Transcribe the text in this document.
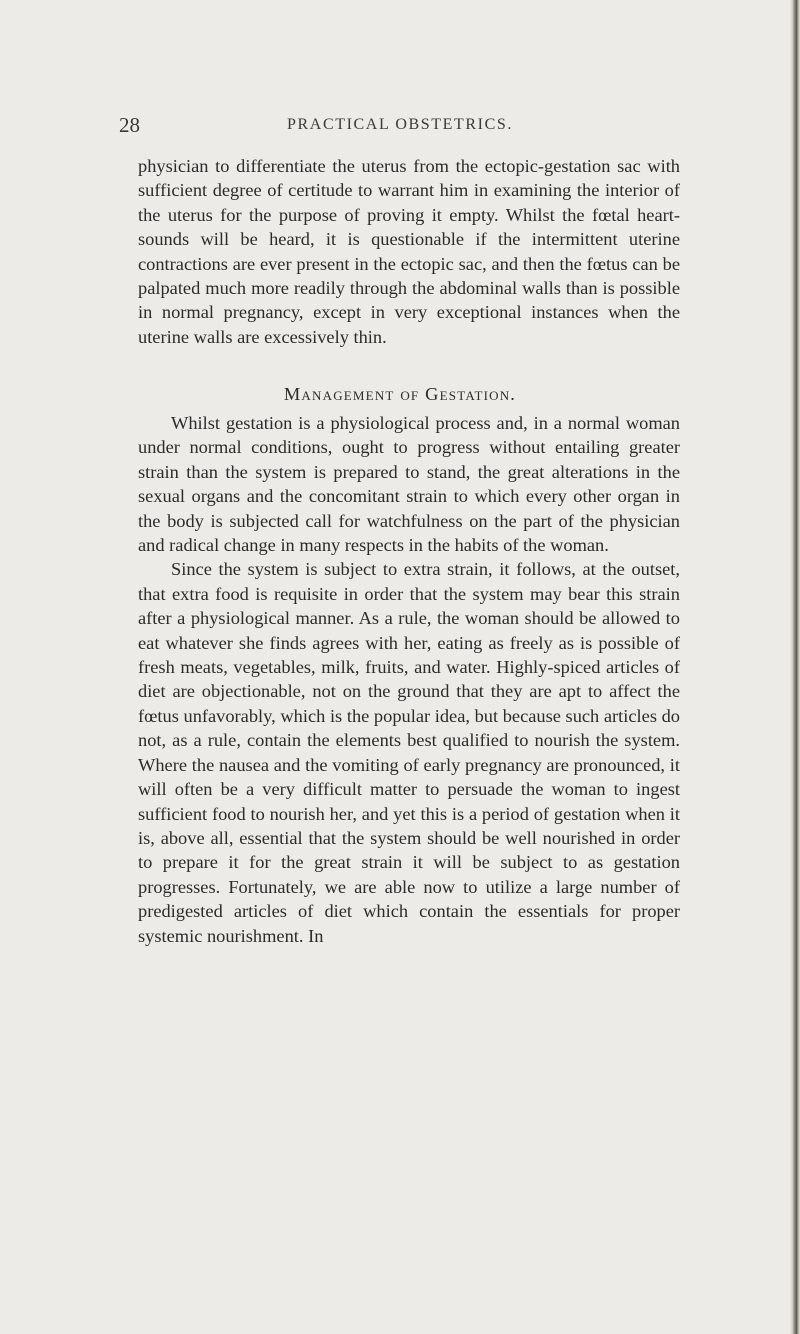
28	PRACTICAL OBSTETRICS.

physician to differentiate the uterus from the ectopic-gestation sac with sufficient degree of certitude to warrant him in examining the interior of the uterus for the purpose of proving it empty. Whilst the fœtal heart-sounds will be heard, it is questionable if the intermittent uterine contractions are ever present in the ectopic sac, and then the fœtus can be palpated much more readily through the abdominal walls than is possible in normal pregnancy, except in very exceptional instances when the uterine walls are excessively thin.

Management of Gestation.

Whilst gestation is a physiological process and, in a normal woman under normal conditions, ought to progress without entailing greater strain than the system is prepared to stand, the great alterations in the sexual organs and the concomitant strain to which every other organ in the body is subjected call for watchfulness on the part of the physician and radical change in many respects in the habits of the woman.

Since the system is subject to extra strain, it follows, at the outset, that extra food is requisite in order that the system may bear this strain after a physiological manner. As a rule, the woman should be allowed to eat whatever she finds agrees with her, eating as freely as is possible of fresh meats, vegetables, milk, fruits, and water. Highly-spiced articles of diet are objectionable, not on the ground that they are apt to affect the fœtus unfavorably, which is the popular idea, but because such articles do not, as a rule, contain the elements best qualified to nourish the system. Where the nausea and the vomiting of early pregnancy are pronounced, it will often be a very difficult matter to persuade the woman to ingest sufficient food to nourish her, and yet this is a period of gestation when it is, above all, essential that the system should be well nourished in order to prepare it for the great strain it will be subject to as gestation progresses. Fortunately, we are able now to utilize a large number of predigested articles of diet which contain the essentials for proper systemic nourishment. In
